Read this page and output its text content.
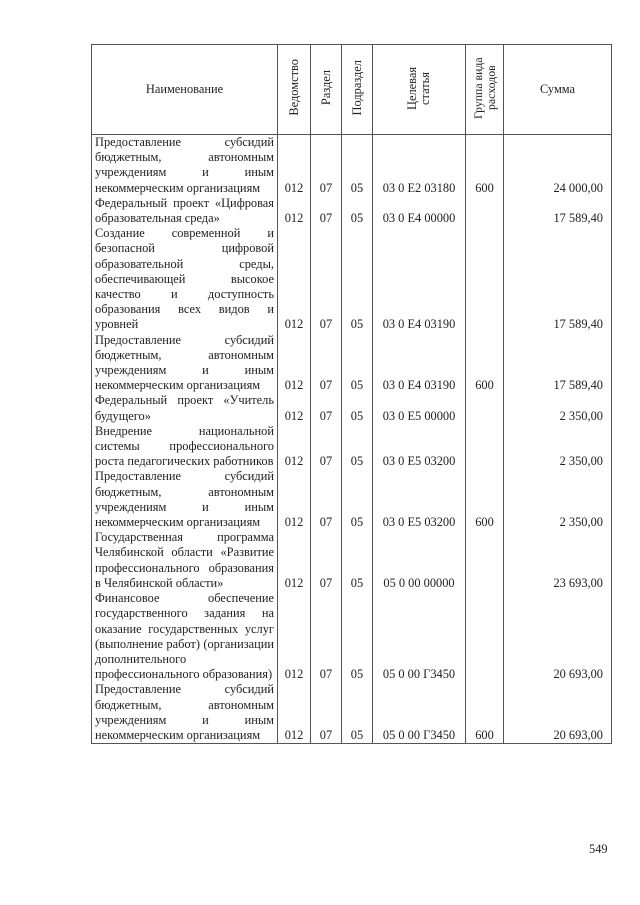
Наименование	Ведомство	Раздел	Подраздел	Целевая статья	Группа вида расходов	Сумма
Предоставление субсидий бюджетным, автономным учреждениям и иным некоммерческим организациям	012	07	05	03 0 Е2 03180	600	24 000,00
Федеральный проект «Цифровая образовательная среда»	012	07	05	03 0 Е4 00000		17 589,40
Создание современной и безопасной цифровой образовательной среды, обеспечивающей высокое качество и доступность образования всех видов и уровней	012	07	05	03 0 Е4 03190		17 589,40
Предоставление субсидий бюджетным, автономным учреждениям и иным некоммерческим организациям	012	07	05	03 0 Е4 03190	600	17 589,40
Федеральный проект «Учитель будущего»	012	07	05	03 0 Е5 00000		2 350,00
Внедрение национальной системы профессионального роста педагогических работников	012	07	05	03 0 Е5 03200		2 350,00
Предоставление субсидий бюджетным, автономным учреждениям и иным некоммерческим организациям	012	07	05	03 0 Е5 03200	600	2 350,00
Государственная программа Челябинской области «Развитие профессионального образования в Челябинской области»	012	07	05	05 0 00 00000		23 693,00
Финансовое обеспечение государственного задания на оказание государственных услуг (выполнение работ) (организации дополнительного профессионального образования)	012	07	05	05 0 00 Г3450		20 693,00
Предоставление субсидий бюджетным, автономным учреждениям и иным некоммерческим организациям	012	07	05	05 0 00 Г3450	600	20 693,00
549
